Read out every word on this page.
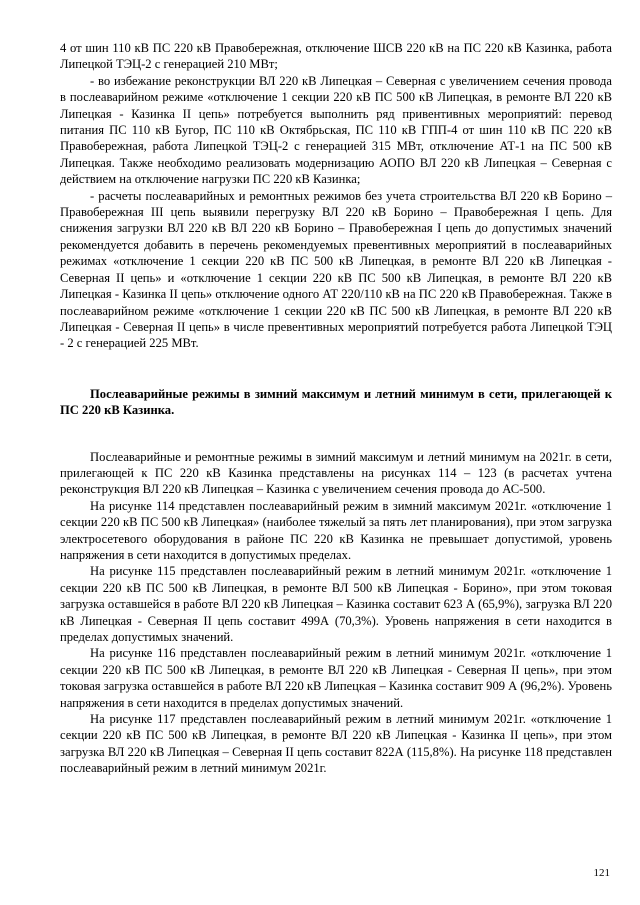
4 от шин 110 кВ ПС 220 кВ Правобережная, отключение ШСВ 220 кВ на ПС 220 кВ Казинка, работа Липецкой ТЭЦ-2 с генерацией 210 МВт;

- во избежание реконструкции ВЛ 220 кВ Липецкая – Северная с увеличением сечения провода в послеаварийном режиме «отключение 1 секции 220 кВ ПС 500 кВ Липецкая, в ремонте ВЛ 220 кВ Липецкая - Казинка II цепь» потребуется выполнить ряд привентивных мероприятий: перевод питания ПС 110 кВ Бугор, ПС 110 кВ Октябрьская, ПС 110 кВ ГПП-4 от шин 110 кВ ПС 220 кВ Правобережная, работа Липецкой ТЭЦ-2 с генерацией 315 МВт, отключение АТ-1 на ПС 500 кВ Липецкая. Также необходимо реализовать модернизацию АОПО ВЛ 220 кВ Липецкая – Северная с действием на отключение нагрузки ПС 220 кВ Казинка;

- расчеты послеаварийных и ремонтных режимов без учета строительства ВЛ 220 кВ Борино – Правобережная III цепь выявили перегрузку ВЛ 220 кВ Борино – Правобережная I цепь. Для снижения загрузки ВЛ 220 кВ ВЛ 220 кВ Борино – Правобережная I цепь до допустимых значений рекомендуется добавить в перечень рекомендуемых превентивных мероприятий в послеаварийных режимах «отключение 1 секции 220 кВ ПС 500 кВ Липецкая, в ремонте ВЛ 220 кВ Липецкая - Северная II цепь» и «отключение 1 секции 220 кВ ПС 500 кВ Липецкая, в ремонте ВЛ 220 кВ Липецкая - Казинка II цепь» отключение одного АТ 220/110 кВ на ПС 220 кВ Правобережная. Также в послеаварийном режиме «отключение 1 секции 220 кВ ПС 500 кВ Липецкая, в ремонте ВЛ 220 кВ Липецкая - Северная II цепь» в числе превентивных мероприятий потребуется работа Липецкой ТЭЦ - 2 с генерацией 225 МВт.

Послеаварийные режимы в зимний максимум и летний минимум в сети, прилегающей к ПС 220 кВ Казинка.

Послеаварийные и ремонтные режимы в зимний максимум и летний минимум на 2021г. в сети, прилегающей к ПС 220 кВ Казинка представлены на рисунках 114 – 123 (в расчетах учтена реконструкция ВЛ 220 кВ Липецкая – Казинка с увеличением сечения провода до АС-500.

На рисунке 114 представлен послеаварийный режим в зимний максимум 2021г. «отключение 1 секции 220 кВ ПС 500 кВ Липецкая» (наиболее тяжелый за пять лет планирования), при этом загрузка электросетевого оборудования в районе ПС 220 кВ Казинка не превышает допустимой, уровень напряжения в сети находится в допустимых пределах.

На рисунке 115 представлен послеаварийный режим в летний минимум 2021г. «отключение 1 секции 220 кВ ПС 500 кВ Липецкая, в ремонте ВЛ 500 кВ Липецкая - Борино», при этом токовая загрузка оставшейся в работе ВЛ 220 кВ Липецкая – Казинка составит 623 А (65,9%), загрузка ВЛ 220 кВ Липецкая - Северная II цепь составит 499А (70,3%). Уровень напряжения в сети находится в пределах допустимых значений.

На рисунке 116 представлен послеаварийный режим в летний минимум 2021г. «отключение 1 секции 220 кВ ПС 500 кВ Липецкая, в ремонте ВЛ 220 кВ Липецкая - Северная II цепь», при этом токовая загрузка оставшейся в работе ВЛ 220 кВ Липецкая – Казинка составит 909 А (96,2%). Уровень напряжения в сети находится в пределах допустимых значений.

На рисунке 117 представлен послеаварийный режим в летний минимум 2021г. «отключение 1 секции 220 кВ ПС 500 кВ Липецкая, в ремонте ВЛ 220 кВ Липецкая - Казинка II цепь», при этом загрузка ВЛ 220 кВ Липецкая – Северная II цепь составит 822А (115,8%). На рисунке 118 представлен послеаварийный режим в летний минимум 2021г.

121
